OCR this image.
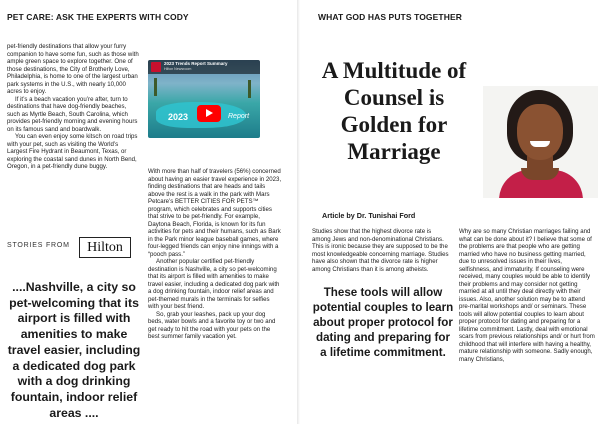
PET CARE: ASK THE EXPERTS WITH CODY

pet-friendly destinations that allow your furry companion to have some fun, such as those with ample green space to explore together. One of those destinations, the City of Brotherly Love, Philadelphia, is home to one of the largest urban park systems in the U.S., with nearly 10,000 acres to enjoy.

If it’s a beach vacation you’re after, turn to destinations that have dog-friendly beaches, such as Myrtle Beach, South Carolina, which provides pet-friendly morning and evening hours on its famous sand and boardwalk.

You can even enjoy some kitsch on road trips with your pet, such as visiting the World’s Largest Fire Hydrant in Beaumont, Texas, or exploring the coastal sand dunes in North Bend, Oregon, in a pet-friendly dune buggy.

2023 Trends Report Summary
Hilton Newsroom
2023	Report

With more than half of travelers (56%) concerned about having an easier travel experience in 2023, finding destinations that are heads and tails above the rest is a walk in the park with Mars Petcare’s BETTER CITIES FOR PETS™ program, which celebrates and supports cities that strive to be pet-friendly. For example, Daytona Beach, Florida, is known for its fun activities for pets and their humans, such as Bark in the Park minor league baseball games, where four-legged friends can enjoy nine innings with a “pooch pass.”

Another popular certified pet-friendly destination is Nashville, a city so pet-welcoming that its airport is filled with amenities to make travel easier, including a dedicated dog park with a dog drinking fountain, indoor relief areas and pet-themed murals in the terminals for selfies with your best friend.

So, grab your leashes, pack up your dog beds, water bowls and a favorite toy or two and get ready to hit the road with your pets on the best summer family vacation yet.

STORIES FROM	Hilton
....Nashville, a city so pet-welcoming that its airport is filled with amenities to make travel easier, including a dedicated dog park with a dog drinking fountain, indoor relief areas ....
WHAT GOD HAS PUTS TOGETHER
A Multitude of Counsel is Golden for Marriage
Article by Dr. Tunishai Ford

Studies show that the highest divorce rate is among Jews and non-denominational Christians. This is ironic because they are supposed to be the most knowledgeable concerning marriage. Studies have also shown that the divorce rate is higher among Christians than it is among atheists.

These tools will allow potential couples to learn about proper protocol for dating and preparing for a lifetime commitment.

Why are so many Christian marriages failing and what can be done about it? I believe that some of the problems are that people who are getting married who have no business getting married, due to unresolved issues in their lives, selfishness, and immaturity. If counseling were received, many couples would be able to identify their problems and may consider not getting married at all until they deal directly with their issues. Also, another solution may be to attend pre-marital workshops and/ or seminars. These tools will allow potential couples to learn about proper protocol for dating and preparing for a lifetime commitment. Lastly, deal with emotional scars from previous relationships and/ or hurt from childhood that will interfere with having a healthy, mature relationship with someone. Sadly enough, many Christians,
